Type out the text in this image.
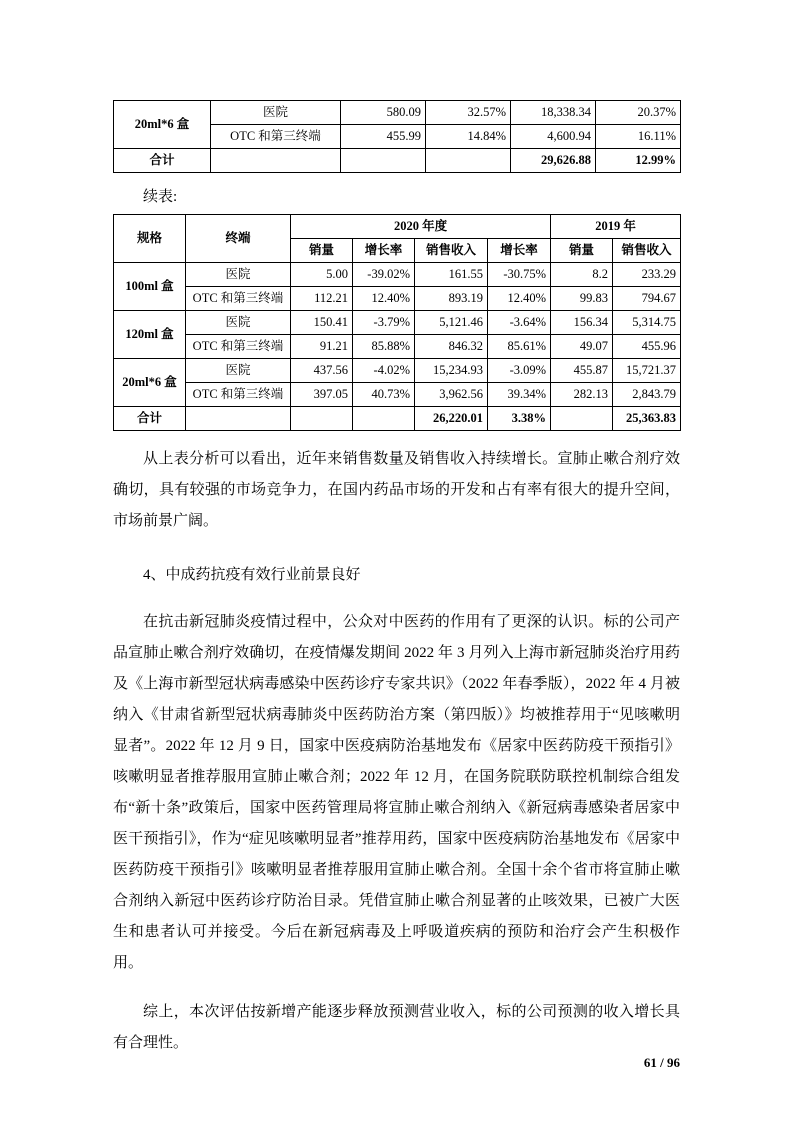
20ml*6 盒	医院	580.09	32.57%	18,338.34	20.37%
	OTC 和第三终端	455.99	14.84%	4,600.94	16.11%
合计				29,626.88	12.99%

续表:

规格	终端	2020 年度				2019 年	
		销量	增长率	销售收入	增长率	销量	销售收入
100ml 盒	医院	5.00	-39.02%	161.55	-30.75%	8.2	233.29
	OTC 和第三终端	112.21	12.40%	893.19	12.40%	99.83	794.67
120ml 盒	医院	150.41	-3.79%	5,121.46	-3.64%	156.34	5,314.75
	OTC 和第三终端	91.21	85.88%	846.32	85.61%	49.07	455.96
20ml*6 盒	医院	437.56	-4.02%	15,234.93	-3.09%	455.87	15,721.37
	OTC 和第三终端	397.05	40.73%	3,962.56	39.34%	282.13	2,843.79
合计				26,220.01	3.38%		25,363.83

从上表分析可以看出，近年来销售数量及销售收入持续增长。宣肺止嗽合剂疗效确切，具有较强的市场竞争力，在国内药品市场的开发和占有率有很大的提升空间，市场前景广阔。

4、中成药抗疫有效行业前景良好

在抗击新冠肺炎疫情过程中，公众对中医药的作用有了更深的认识。标的公司产品宣肺止嗽合剂疗效确切，在疫情爆发期间 2022 年 3 月列入上海市新冠肺炎治疗用药及《上海市新型冠状病毒感染中医药诊疗专家共识》（2022 年春季版），2022 年 4 月被纳入《甘肃省新型冠状病毒肺炎中医药防治方案（第四版）》均被推荐用于“见咳嗽明显者”。2022 年 12 月 9 日，国家中医疫病防治基地发布《居家中医药防疫干预指引》咳嗽明显者推荐服用宣肺止嗽合剂；2022 年 12 月，在国务院联防联控机制综合组发布“新十条”政策后，国家中医药管理局将宣肺止嗽合剂纳入《新冠病毒感染者居家中医干预指引》，作为“症见咳嗽明显者”推荐用药，国家中医疫病防治基地发布《居家中医药防疫干预指引》咳嗽明显者推荐服用宣肺止嗽合剂。全国十余个省市将宣肺止嗽合剂纳入新冠中医药诊疗防治目录。凭借宣肺止嗽合剂显著的止咳效果，已被广大医生和患者认可并接受。今后在新冠病毒及上呼吸道疾病的预防和治疗会产生积极作用。

综上，本次评估按新增产能逐步释放预测营业收入，标的公司预测的收入增长具有合理性。

61 / 96
